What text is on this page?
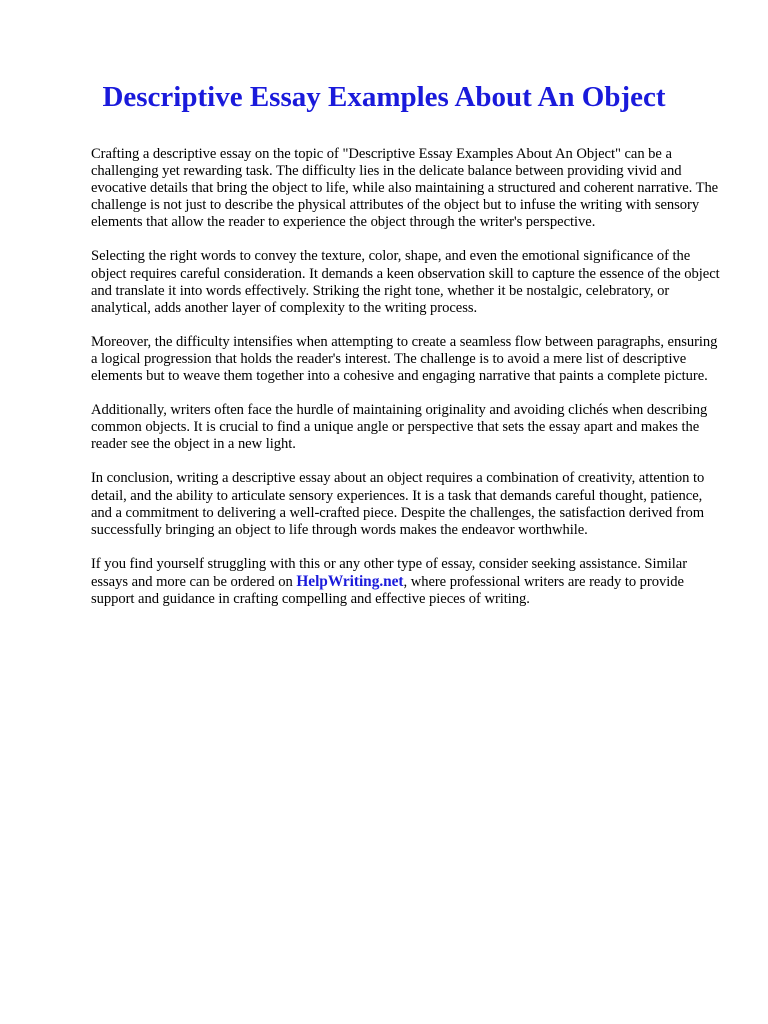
Descriptive Essay Examples About An Object

Crafting a descriptive essay on the topic of "Descriptive Essay Examples About An Object" can be a challenging yet rewarding task. The difficulty lies in the delicate balance between providing vivid and evocative details that bring the object to life, while also maintaining a structured and coherent narrative. The challenge is not just to describe the physical attributes of the object but to infuse the writing with sensory elements that allow the reader to experience the object through the writer's perspective.

Selecting the right words to convey the texture, color, shape, and even the emotional significance of the object requires careful consideration. It demands a keen observation skill to capture the essence of the object and translate it into words effectively. Striking the right tone, whether it be nostalgic, celebratory, or analytical, adds another layer of complexity to the writing process.

Moreover, the difficulty intensifies when attempting to create a seamless flow between paragraphs, ensuring a logical progression that holds the reader's interest. The challenge is to avoid a mere list of descriptive elements but to weave them together into a cohesive and engaging narrative that paints a complete picture.

Additionally, writers often face the hurdle of maintaining originality and avoiding clichés when describing common objects. It is crucial to find a unique angle or perspective that sets the essay apart and makes the reader see the object in a new light.

In conclusion, writing a descriptive essay about an object requires a combination of creativity, attention to detail, and the ability to articulate sensory experiences. It is a task that demands careful thought, patience, and a commitment to delivering a well-crafted piece. Despite the challenges, the satisfaction derived from successfully bringing an object to life through words makes the endeavor worthwhile.

If you find yourself struggling with this or any other type of essay, consider seeking assistance. Similar essays and more can be ordered on HelpWriting.net, where professional writers are ready to provide support and guidance in crafting compelling and effective pieces of writing.
